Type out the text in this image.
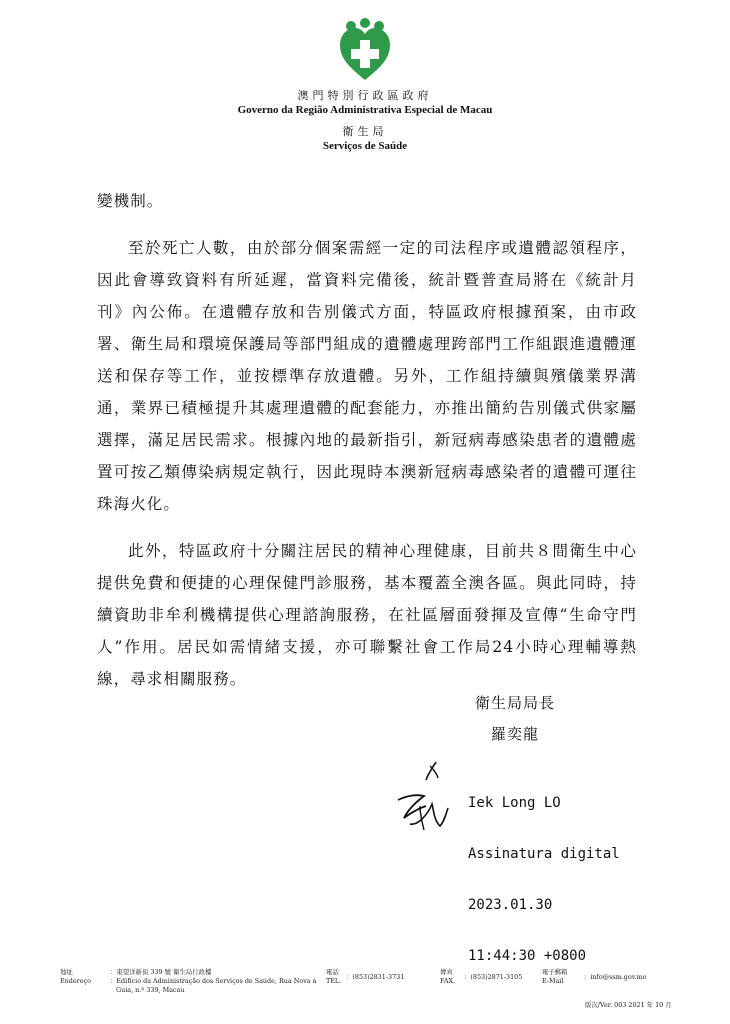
澳門特別行政區政府
Governo da Região Administrativa Especial de Macau
衛生局
Serviços de Saúde

變機制。

至於死亡人數，由於部分個案需經一定的司法程序或遺體認領程序，因此會導致資料有所延遲，當資料完備後，統計暨普查局將在《統計月刊》內公佈。在遺體存放和告別儀式方面，特區政府根據預案，由市政署、衛生局和環境保護局等部門組成的遺體處理跨部門工作組跟進遺體運送和保存等工作，並按標準存放遺體。另外，工作組持續與殯儀業界溝通，業界已積極提升其處理遺體的配套能力，亦推出簡約告別儀式供家屬選擇，滿足居民需求。根據內地的最新指引，新冠病毒感染患者的遺體處置可按乙類傳染病規定執行，因此現時本澳新冠病毒感染者的遺體可運往珠海火化。

此外，特區政府十分關注居民的精神心理健康，目前共８間衛生中心提供免費和便捷的心理保健門診服務，基本覆蓋全澳各區。與此同時，持續資助非牟利機構提供心理諮詢服務，在社區層面發揮及宣傳“生命守門人”作用。居民如需情緒支援，亦可聯繫社會工作局24小時心理輔導熱線，尋求相關服務。

衛生局局長
羅奕龍

Iek Long LO

Assinatura digital

2023.01.30

11:44:30 +0800

地址
Endereço
：東望洋新街 339 號 衛生局行政樓
：Edifício da Administração dos Serviços de Saúde, Rua Nova à
Guia, n.º 339, Macau
電話
TEL. ：(853)2831-3731
傳真
FAX. ：(853)2871-3105
電子郵箱
E-Mail	：info@ssm.gov.mo
版次/Ver. 003 2021 年 10 月
